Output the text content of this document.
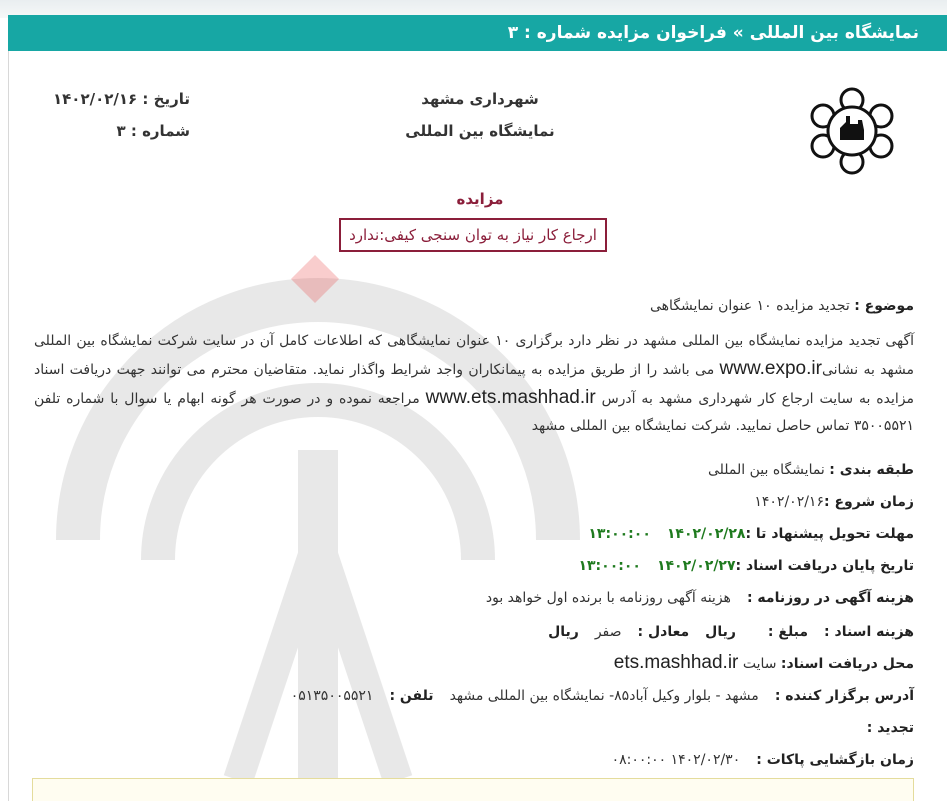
نمایشگاه بین المللی » فراخوان مزایده شماره : ۳
شهرداری مشهد
نمایشگاه بین المللی
تاریخ : ۱۴۰۲/۰۲/۱۶
شماره : ۳
مزایده
ارجاع کار نیاز به توان سنجی کیفی:ندارد
موضوع : تجدید مزایده ۱۰ عنوان نمایشگاهی
آگهی تجدید مزایده نمایشگاه بین المللی مشهد در نظر دارد برگزاری ۱۰ عنوان نمایشگاهی که اطلاعات کامل آن در سایت شرکت نمایشگاه بین المللی مشهد به نشانیwww.expo.ir می باشد را از طریق مزایده به پیمانکاران واجد شرایط واگذار نماید. متقاضیان محترم می توانند جهت دریافت اسناد مزایده به سایت ارجاع کار شهرداری مشهد به آدرس www.ets.mashhad.ir مراجعه نموده و در صورت هر گونه ابهام یا سوال با شماره تلفن ۳۵۰۰۵۵۲۱ تماس حاصل نمایید. شرکت نمایشگاه بین المللی مشهد
طبقه بندی : نمایشگاه بین المللی
زمان شروع :۱۴۰۲/۰۲/۱۶
مهلت تحویل پیشنهاد تا :۱۴۰۲/۰۲/۲۸۱۳:۰۰:۰۰
تاریخ پایان دریافت اسناد :۱۴۰۲/۰۲/۲۷۱۳:۰۰:۰۰
هزینه آگهی در روزنامه :هزینه آگهی روزنامه با برنده اول خواهد بود
هزینه اسناد :مبلغ :ریالمعادل :صفرریال
محل دریافت اسناد: سایت ets.mashhad.ir
آدرس برگزار کننده :مشهد - بلوار وکیل آباد۸۵- نمایشگاه بین المللی مشهدتلفن :۰۵۱۳۵۰۰۵۵۲۱
تجدید :
زمان بازگشایی پاکات :۱۴۰۲/۰۲/۳۰ ۰۸:۰۰:۰۰
